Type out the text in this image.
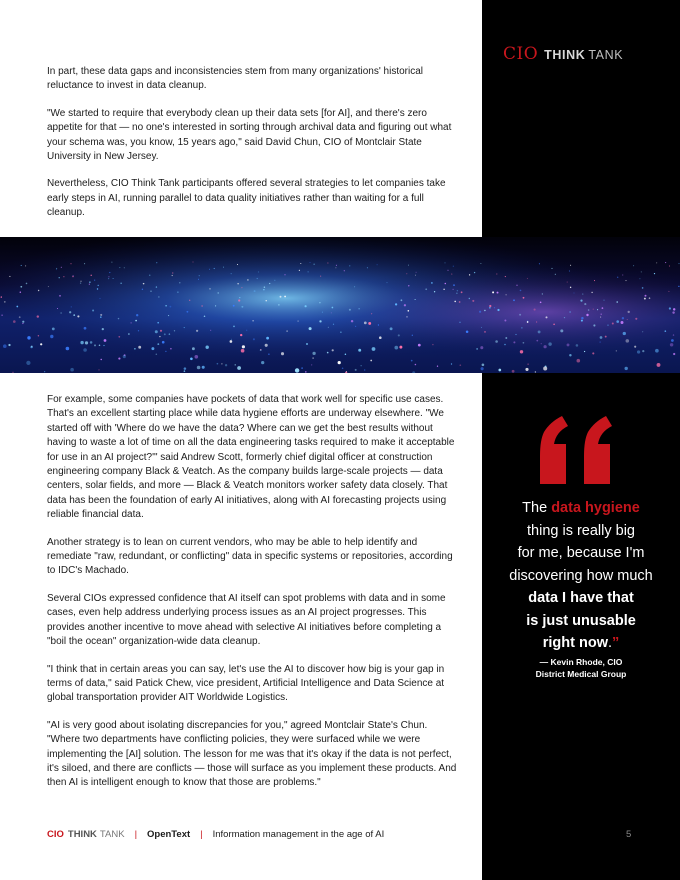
CIO THINK TANK

In part, these data gaps and inconsistencies stem from many organizations' historical reluctance to invest in data cleanup.

"We started to require that everybody clean up their data sets [for AI], and there's zero appetite for that — no one's interested in sorting through archival data and figuring out what your schema was, you know, 15 years ago," said David Chun, CIO of Montclair State University in New Jersey.

Nevertheless, CIO Think Tank participants offered several strategies to let companies take early steps in AI, running parallel to data quality initiatives rather than waiting for a full cleanup.

For example, some companies have pockets of data that work well for specific use cases. That's an excellent starting place while data hygiene efforts are underway elsewhere. "We started off with 'Where do we have the data? Where can we get the best results without having to waste a lot of time on all the data engineering tasks required to make it acceptable for use in an AI project?'" said Andrew Scott, formerly chief digital officer at construction engineering company Black & Veatch. As the company builds large-scale projects — data centers, solar fields, and more — Black & Veatch monitors worker safety data closely. That data has been the foundation of early AI initiatives, along with AI forecasting projects using reliable financial data.

Another strategy is to lean on current vendors, who may be able to help identify and remediate "raw, redundant, or conflicting" data in specific systems or repositories, according to IDC's Machado.

Several CIOs expressed confidence that AI itself can spot problems with data and in some cases, even help address underlying process issues as an AI project progresses. This provides another incentive to move ahead with selective AI initiatives before completing a "boil the ocean" organization-wide data cleanup.

"I think that in certain areas you can say, let's use the AI to discover how big is your gap in terms of data," said Patick Chew, vice president, Artificial Intelligence and Data Science at global transportation provider AIT Worldwide Logistics.

"AI is very good about isolating discrepancies for you," agreed Montclair State's Chun. "Where two departments have conflicting policies, they were surfaced while we were implementing the [AI] solution. The lesson for me was that it's okay if the data is not perfect, it's siloed, and there are conflicts — those will surface as you implement these products. And then AI is intelligent enough to know that those are problems."

The data hygiene
thing is really big
for me, because I'm
discovering how much
data I have that
is just unusable
right now.”
— Kevin Rhode, CIO
District Medical Group
CIO THINK TANK | OpenText | Information management in the age of AI	5
